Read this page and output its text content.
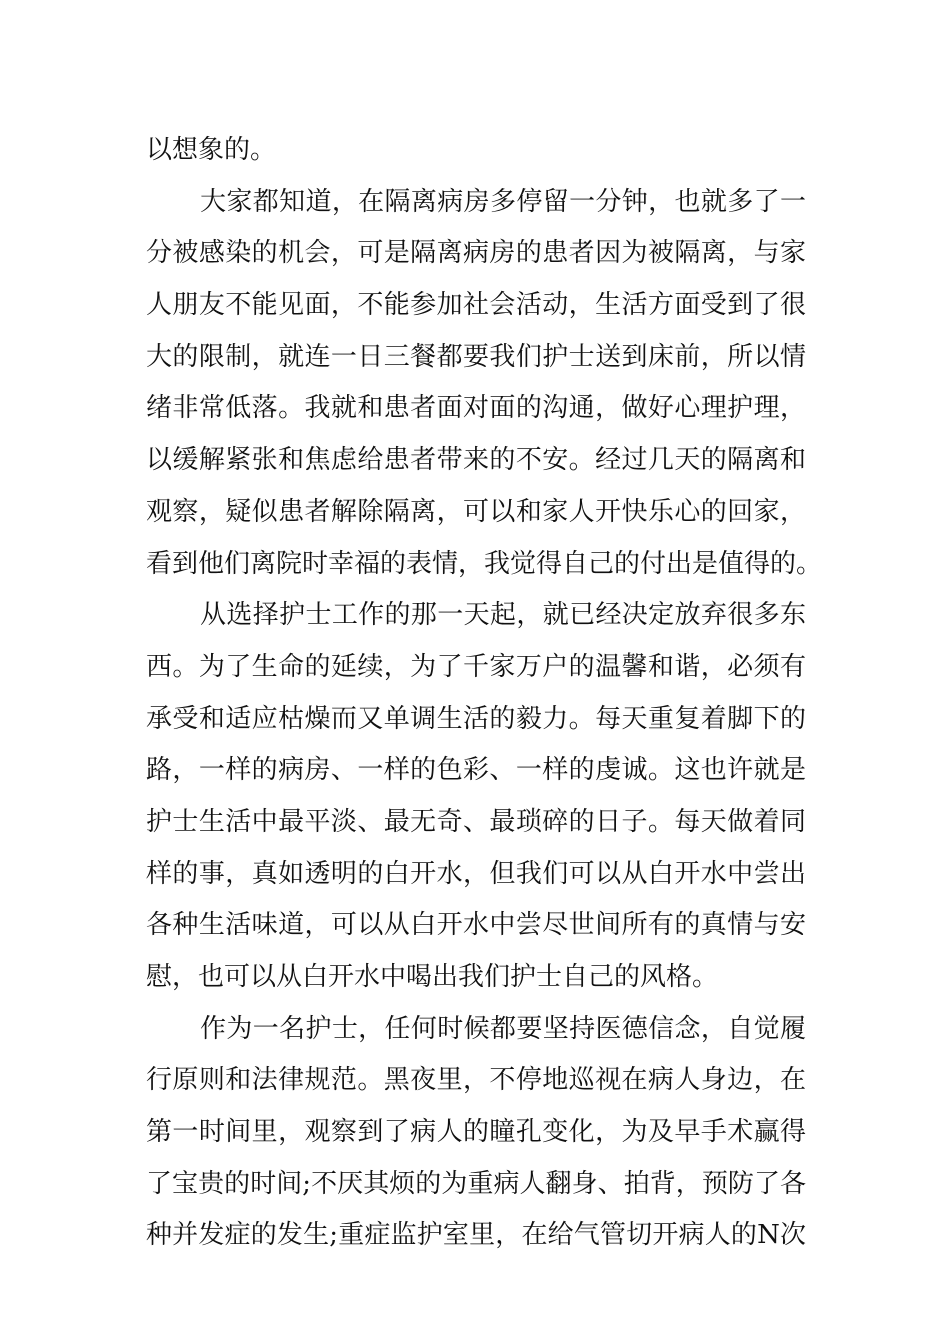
以想象的。
大家都知道，在隔离病房多停留一分钟，也就多了一
分被感染的机会，可是隔离病房的患者因为被隔离，与家
人朋友不能见面，不能参加社会活动，生活方面受到了很
大的限制，就连一日三餐都要我们护士送到床前，所以情
绪非常低落。我就和患者面对面的沟通，做好心理护理，
以缓解紧张和焦虑给患者带来的不安。经过几天的隔离和
观察，疑似患者解除隔离，可以和家人开快乐心的回家，
看到他们离院时幸福的表情，我觉得自己的付出是值得的。
从选择护士工作的那一天起，就已经决定放弃很多东
西。为了生命的延续，为了千家万户的温馨和谐，必须有
承受和适应枯燥而又单调生活的毅力。每天重复着脚下的
路，一样的病房、一样的色彩、一样的虔诚。这也许就是
护士生活中最平淡、最无奇、最琐碎的日子。每天做着同
样的事，真如透明的白开水，但我们可以从白开水中尝出
各种生活味道，可以从白开水中尝尽世间所有的真情与安
慰，也可以从白开水中喝出我们护士自己的风格。
作为一名护士，任何时候都要坚持医德信念，自觉履
行原则和法律规范。黑夜里，不停地巡视在病人身边，在
第一时间里，观察到了病人的瞳孔变化，为及早手术赢得
了宝贵的时间;不厌其烦的为重病人翻身、拍背，预防了各
种并发症的发生;重症监护室里，在给气管切开病人的N次
